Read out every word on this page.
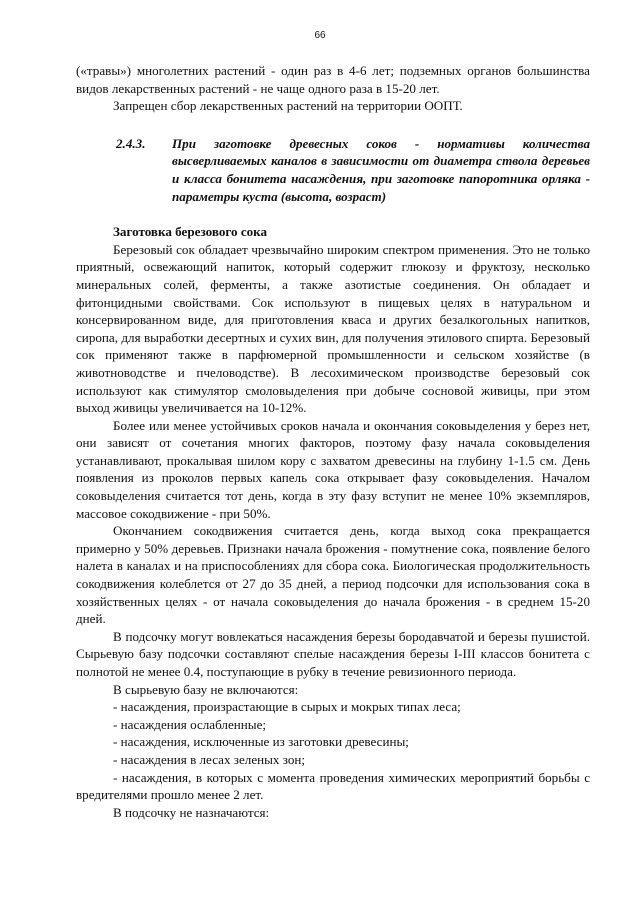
66

(«травы») многолетних растений - один раз в 4-6 лет; подземных органов большинства видов лекарственных растений - не чаще одного раза в 15-20 лет.

Запрещен сбор лекарственных растений на территории ООПТ.

2.4.3.	При заготовке древесных соков - нормативы количества высверливаемых каналов в зависимости от диаметра ствола деревьев и класса бонитета насаждения, при заготовке папоротника орляка - параметры куста (высота, возраст)

Заготовка березового сока

Березовый сок обладает чрезвычайно широким спектром применения. Это не только приятный, освежающий напиток, который содержит глюкозу и фруктозу, несколько минеральных солей, ферменты, а также азотистые соединения. Он обладает и фитонцидными свойствами. Сок используют в пищевых целях в натуральном и консервированном виде, для приготовления кваса и других безалкогольных напитков, сиропа, для выработки десертных и сухих вин, для получения этилового спирта. Березовый сок применяют также в парфюмерной промышленности и сельском хозяйстве (в животноводстве и пчеловодстве). В лесохимическом производстве березовый сок используют как стимулятор смоловыделения при добыче сосновой живицы, при этом выход живицы увеличивается на 10-12%.

Более или менее устойчивых сроков начала и окончания соковыделения у берез нет, они зависят от сочетания многих факторов, поэтому фазу начала соковыделения устанавливают, прокалывая шилом кору с захватом древесины на глубину 1-1.5 см. День появления из проколов первых капель сока открывает фазу соковыделения. Началом соковыделения считается тот день, когда в эту фазу вступит не менее 10% экземпляров, массовое сокодвижение - при 50%.

Окончанием сокодвижения считается день, когда выход сока прекращается примерно у 50% деревьев. Признаки начала брожения - помутнение сока, появление белого налета в каналах и на приспособлениях для сбора сока. Биологическая продолжительность сокодвижения колеблется от 27 до 35 дней, а период подсочки для использования сока в хозяйственных целях - от начала соковыделения до начала брожения - в среднем 15-20 дней.

В подсочку могут вовлекаться насаждения березы бородавчатой и березы пушистой. Сырьевую базу подсочки составляют спелые насаждения березы I-III классов бонитета с полнотой не менее 0.4, поступающие в рубку в течение ревизионного периода.

В сырьевую базу не включаются:

- насаждения, произрастающие в сырых и мокрых типах леса;

- насаждения ослабленные;

- насаждения, исключенные из заготовки древесины;

- насаждения в лесах зеленых зон;

- насаждения, в которых с момента проведения химических мероприятий борьбы с вредителями прошло менее 2 лет.

В подсочку не назначаются:
